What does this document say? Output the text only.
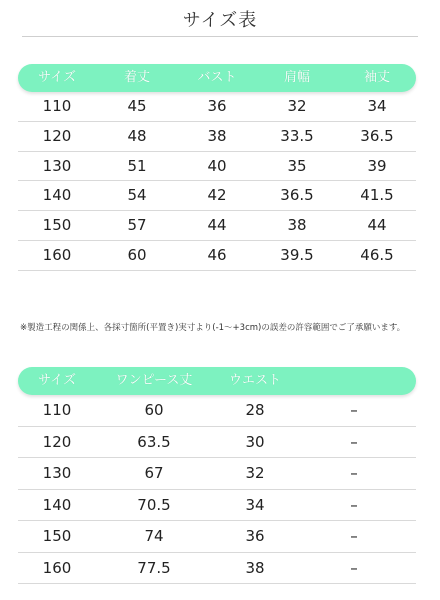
サイズ表
サイズ	着丈	バスト	肩幅	袖丈
110	45	36	32	34
120	48	38	33.5	36.5
130	51	40	35	39
140	54	42	36.5	41.5
150	57	44	38	44
160	60	46	39.5	46.5
※製造工程の関係上、各採寸箇所(平置き)実寸より(-1〜+3cm)の誤差の許容範囲でご了承願います。
サイズ	ワンピース丈	ウエスト
110	60	28	–
120	63.5	30	–
130	67	32	–
140	70.5	34	–
150	74	36	–
160	77.5	38	–
